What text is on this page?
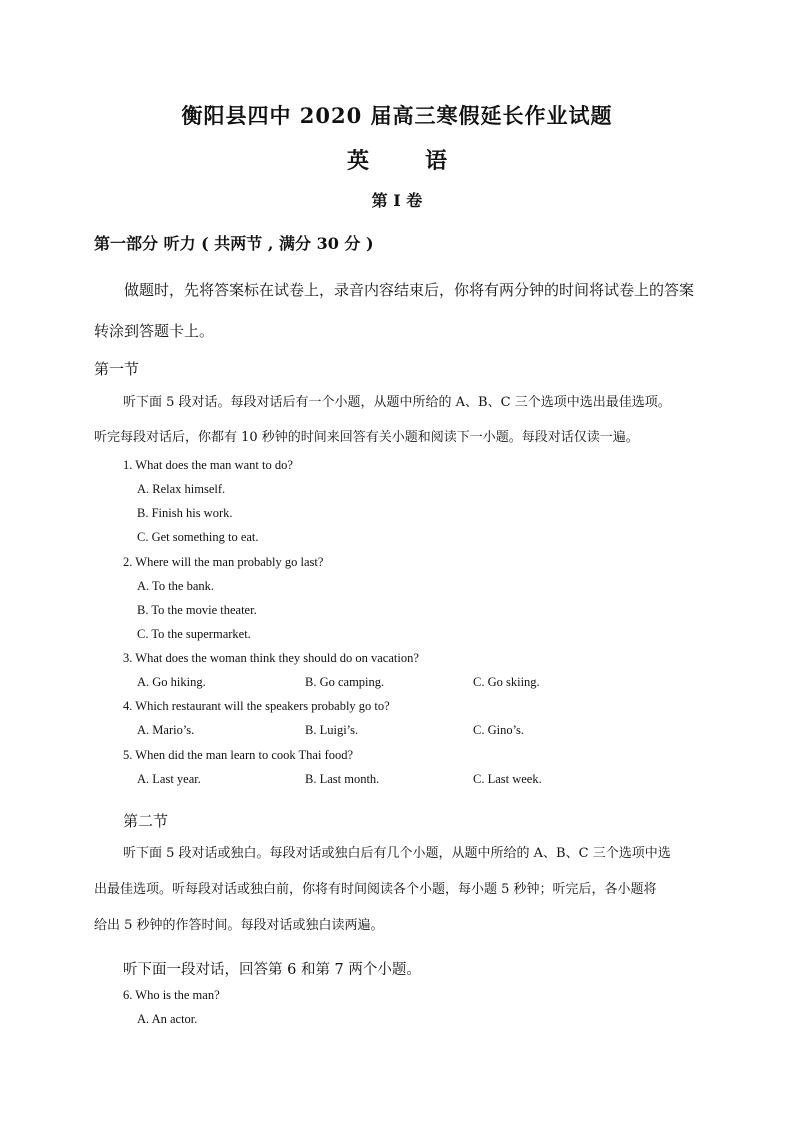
衡阳县四中 2020 届高三寒假延长作业试题
英	语
第 I 卷
第一部分 听力 ( 共两节 , 满分 30 分 )
做题时，先将答案标在试卷上，录音内容结束后，你将有两分钟的时间将试卷上的答案转涂到答题卡上。
第一节
听下面 5 段对话。每段对话后有一个小题，从题中所给的 A、B、C 三个选项中选出最佳选项。
听完每段对话后，你都有 10 秒钟的时间来回答有关小题和阅读下一小题。每段对话仅读一遍。
1. What does the man want to do?
A. Relax himself.
B. Finish his work.
C. Get something to eat.
2. Where will the man probably go last?
A. To the bank.
B. To the movie theater.
C. To the supermarket.
3. What does the woman think they should do on vacation?
A. Go hiking.	B. Go camping.	C. Go skiing.
4. Which restaurant will the speakers probably go to?
A. Mario’s.	B. Luigi’s.	C. Gino’s.
5. When did the man learn to cook Thai food?
A. Last year.	B. Last month.	C. Last week.
第二节
听下面 5 段对话或独白。每段对话或独白后有几个小题，从题中所给的 A、B、C 三个选项中选
出最佳选项。听每段对话或独白前，你将有时间阅读各个小题，每小题 5 秒钟；听完后，各小题将
给出 5 秒钟的作答时间。每段对话或独白读两遍。
听下面一段对话，回答第 6 和第 7 两个小题。
6. Who is the man?
A. An actor.
